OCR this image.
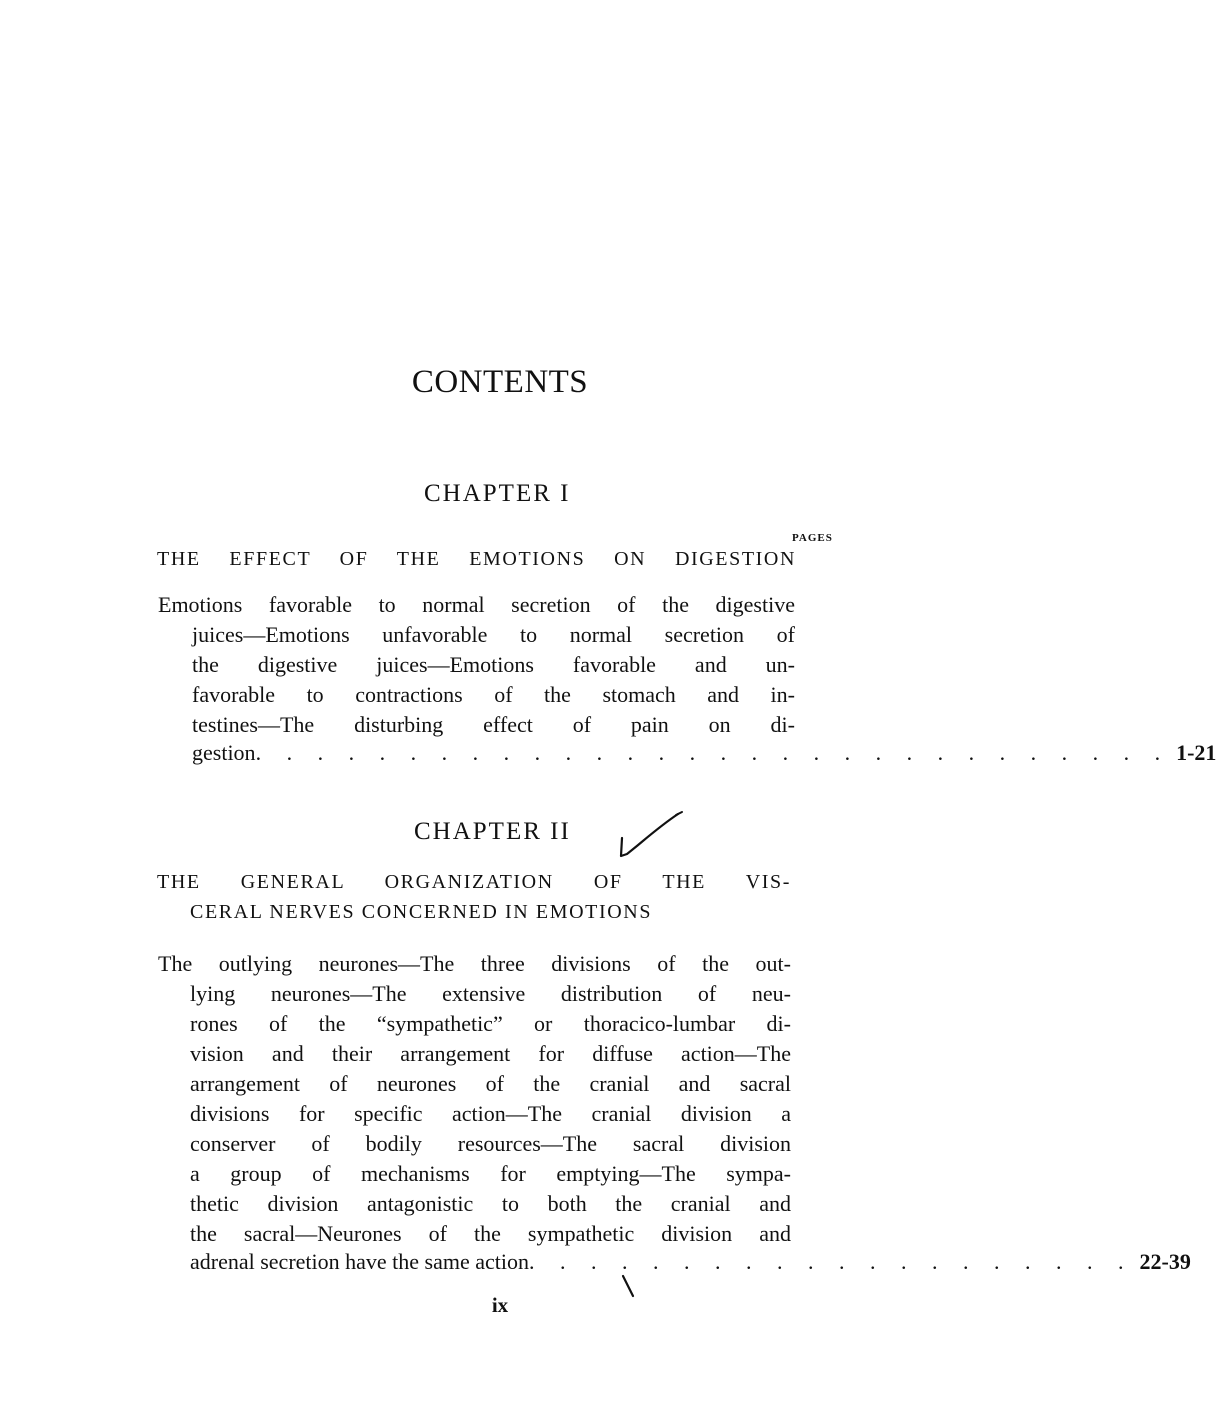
CONTENTS
CHAPTER I
PAGES
THE EFFECT OF THE EMOTIONS ON DIGESTION
Emotions favorable to normal secretion of the digestive
juices—Emotions unfavorable to normal secretion of
the digestive juices—Emotions favorable and un-
favorable to contractions of the stomach and in-
testines—The disturbing effect of pain on di-
gestion . . . . . . . . . . . . . . . . . . . . . . . . . . . . . . 1-21
CHAPTER II
THE GENERAL ORGANIZATION OF THE VIS-
CERAL NERVES CONCERNED IN EMOTIONS
The outlying neurones—The three divisions of the out-
lying neurones—The extensive distribution of neu-
rones of the “sympathetic” or thoracico-lumbar di-
vision and their arrangement for diffuse action—The
arrangement of neurones of the cranial and sacral
divisions for specific action—The cranial division a
conserver of bodily resources—The sacral division
a group of mechanisms for emptying—The sympa-
thetic division antagonistic to both the cranial and
the sacral—Neurones of the sympathetic division and
adrenal secretion have the same action . . . . . . . . . . . . . . . . . . . . 22-39
ix
